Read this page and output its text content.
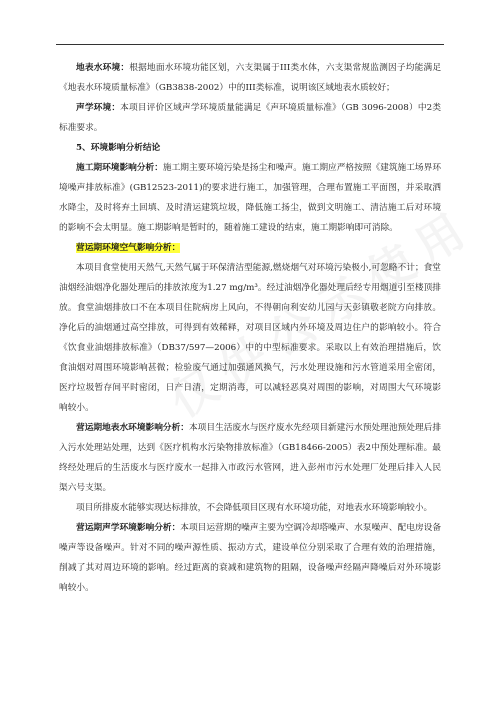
地表水环境：根据地面水环境功能区划，六支渠属于III类水体，六支渠常规监测因子均能满足《地表水环境质量标准》（GB3838-2002）中的III类标准，说明该区域地表水质较好；

声学环境：本项目评价区域声学环境质量能满足《声环境质量标准》（GB 3096-2008）中2类标准要求。

5、环境影响分析结论

施工期环境影响分析：施工期主要环境污染是扬尘和噪声。施工期应严格按照《建筑施工场界环境噪声排放标准》(GB12523-2011)的要求进行施工，加强管理，合理布置施工平面图，并采取洒水降尘，及时将弃土回填、及时清运建筑垃圾，降低施工扬尘，做到文明施工、清洁施工后对环境的影响不会太明显。施工期影响是暂时的，随着施工建设的结束，施工期影响即可消除。

营运期环境空气影响分析：

本项目食堂使用天然气,天然气属于环保清洁型能源,燃烧烟气对环境污染极小,可忽略不计；食堂油烟经油烟净化器处理后的排放浓度为1.27 mg/m³。经过油烟净化器处理后经专用烟道引至楼顶排放。食堂油烟排放口不在本项目住院病房上风向，不得朝向利安幼儿园与天彭镇敬老院方向排放。净化后的油烟通过高空排放，可得到有效稀释，对项目区域内外环境及周边住户的影响较小。符合《饮食业油烟排放标准》（DB37/597—2006）中的中型标准要求。采取以上有效治理措施后，饮食油烟对周围环境影响甚微；检验废气通过加强通风换气，污水处理设施和污水管道采用全密闭，医疗垃圾暂存间平时密闭，日产日清，定期消毒，可以减轻恶臭对周围的影响，对周围大气环境影响较小。

营运期地表水环境影响分析：本项目生活废水与医疗废水先经项目新建污水预处理池预处理后排入污水处理站处理，达到《医疗机构水污染物排放标准》（GB18466-2005）表2中预处理标准。最终经处理后的生活废水与医疗废水一起排入市政污水管网，进入彭州市污水处理厂处理后排入人民渠六号支渠。

项目所排废水能够实现达标排放，不会降低项目区现有水环境功能，对地表水环境影响较小。

营运期声学环境影响分析：本项目运营期的噪声主要为空调冷却塔噪声、水泵噪声、配电房设备噪声等设备噪声。针对不同的噪声源性质、振动方式，建设单位分别采取了合理有效的治理措施，削减了其对周边环境的影响。经过距离的衰减和建筑物的阻隔，设备噪声经隔声降噪后对外环境影响较小。
